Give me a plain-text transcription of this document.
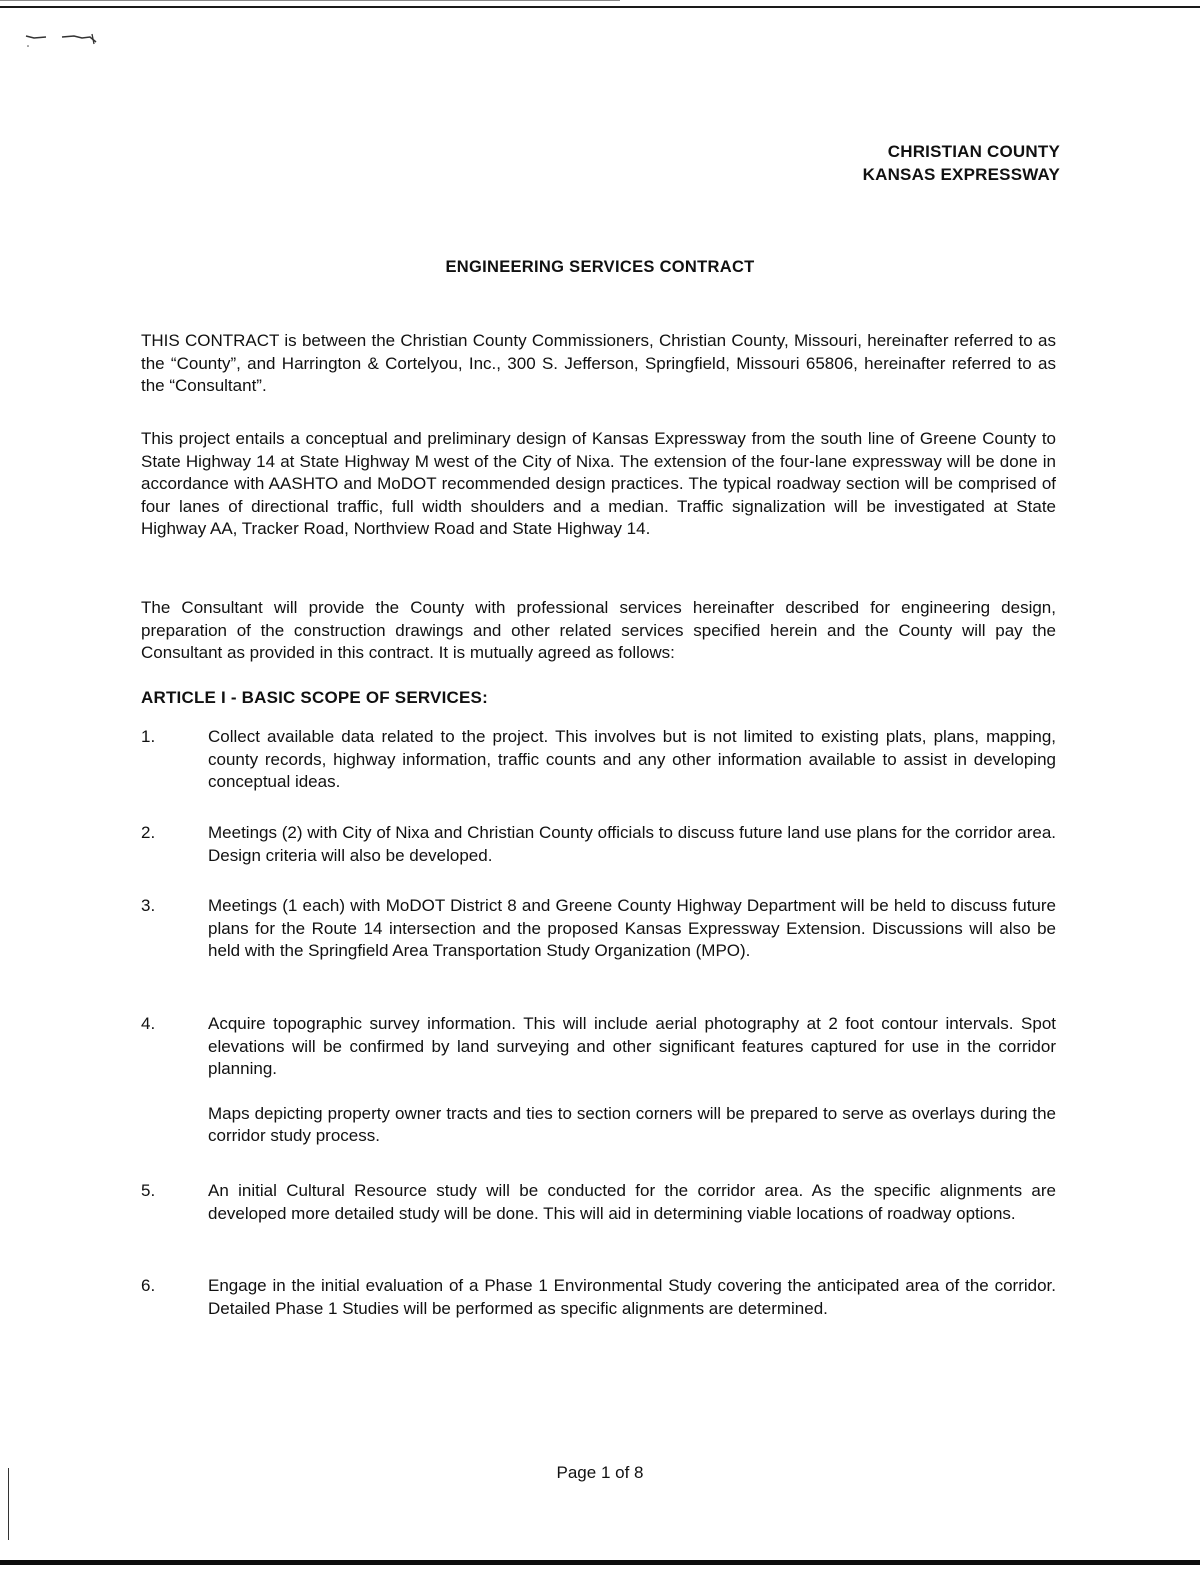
CHRISTIAN COUNTY
KANSAS EXPRESSWAY
ENGINEERING SERVICES CONTRACT

THIS CONTRACT is between the Christian County Commissioners, Christian County, Missouri, hereinafter referred to as the “County”, and Harrington & Cortelyou, Inc., 300 S. Jefferson, Springfield, Missouri 65806, hereinafter referred to as the “Consultant”.

This project entails a conceptual and preliminary design of Kansas Expressway from the south line of Greene County to State Highway 14 at State Highway M west of the City of Nixa. The extension of the four-lane expressway will be done in accordance with AASHTO and MoDOT recommended design practices. The typical roadway section will be comprised of four lanes of directional traffic, full width shoulders and a median. Traffic signalization will be investigated at State Highway AA, Tracker Road, Northview Road and State Highway 14.

The Consultant will provide the County with professional services hereinafter described for engineering design, preparation of the construction drawings and other related services specified herein and the County will pay the Consultant as provided in this contract. It is mutually agreed as follows:

ARTICLE I - BASIC SCOPE OF SERVICES:
1.	Collect available data related to the project. This involves but is not limited to existing plats, plans, mapping, county records, highway information, traffic counts and any other information available to assist in developing conceptual ideas.

2.	Meetings (2) with City of Nixa and Christian County officials to discuss future land use plans for the corridor area. Design criteria will also be developed.

3.	Meetings (1 each) with MoDOT District 8 and Greene County Highway Department will be held to discuss future plans for the Route 14 intersection and the proposed Kansas Expressway Extension. Discussions will also be held with the Springfield Area Transportation Study Organization (MPO).

4.	Acquire topographic survey information. This will include aerial photography at 2 foot contour intervals. Spot elevations will be confirmed by land surveying and other significant features captured for use in the corridor planning.

Maps depicting property owner tracts and ties to section corners will be prepared to serve as overlays during the corridor study process.

5.	An initial Cultural Resource study will be conducted for the corridor area. As the specific alignments are developed more detailed study will be done. This will aid in determining viable locations of roadway options.

6.	Engage in the initial evaluation of a Phase 1 Environmental Study covering the anticipated area of the corridor. Detailed Phase 1 Studies will be performed as specific alignments are determined.

Page 1 of 8
